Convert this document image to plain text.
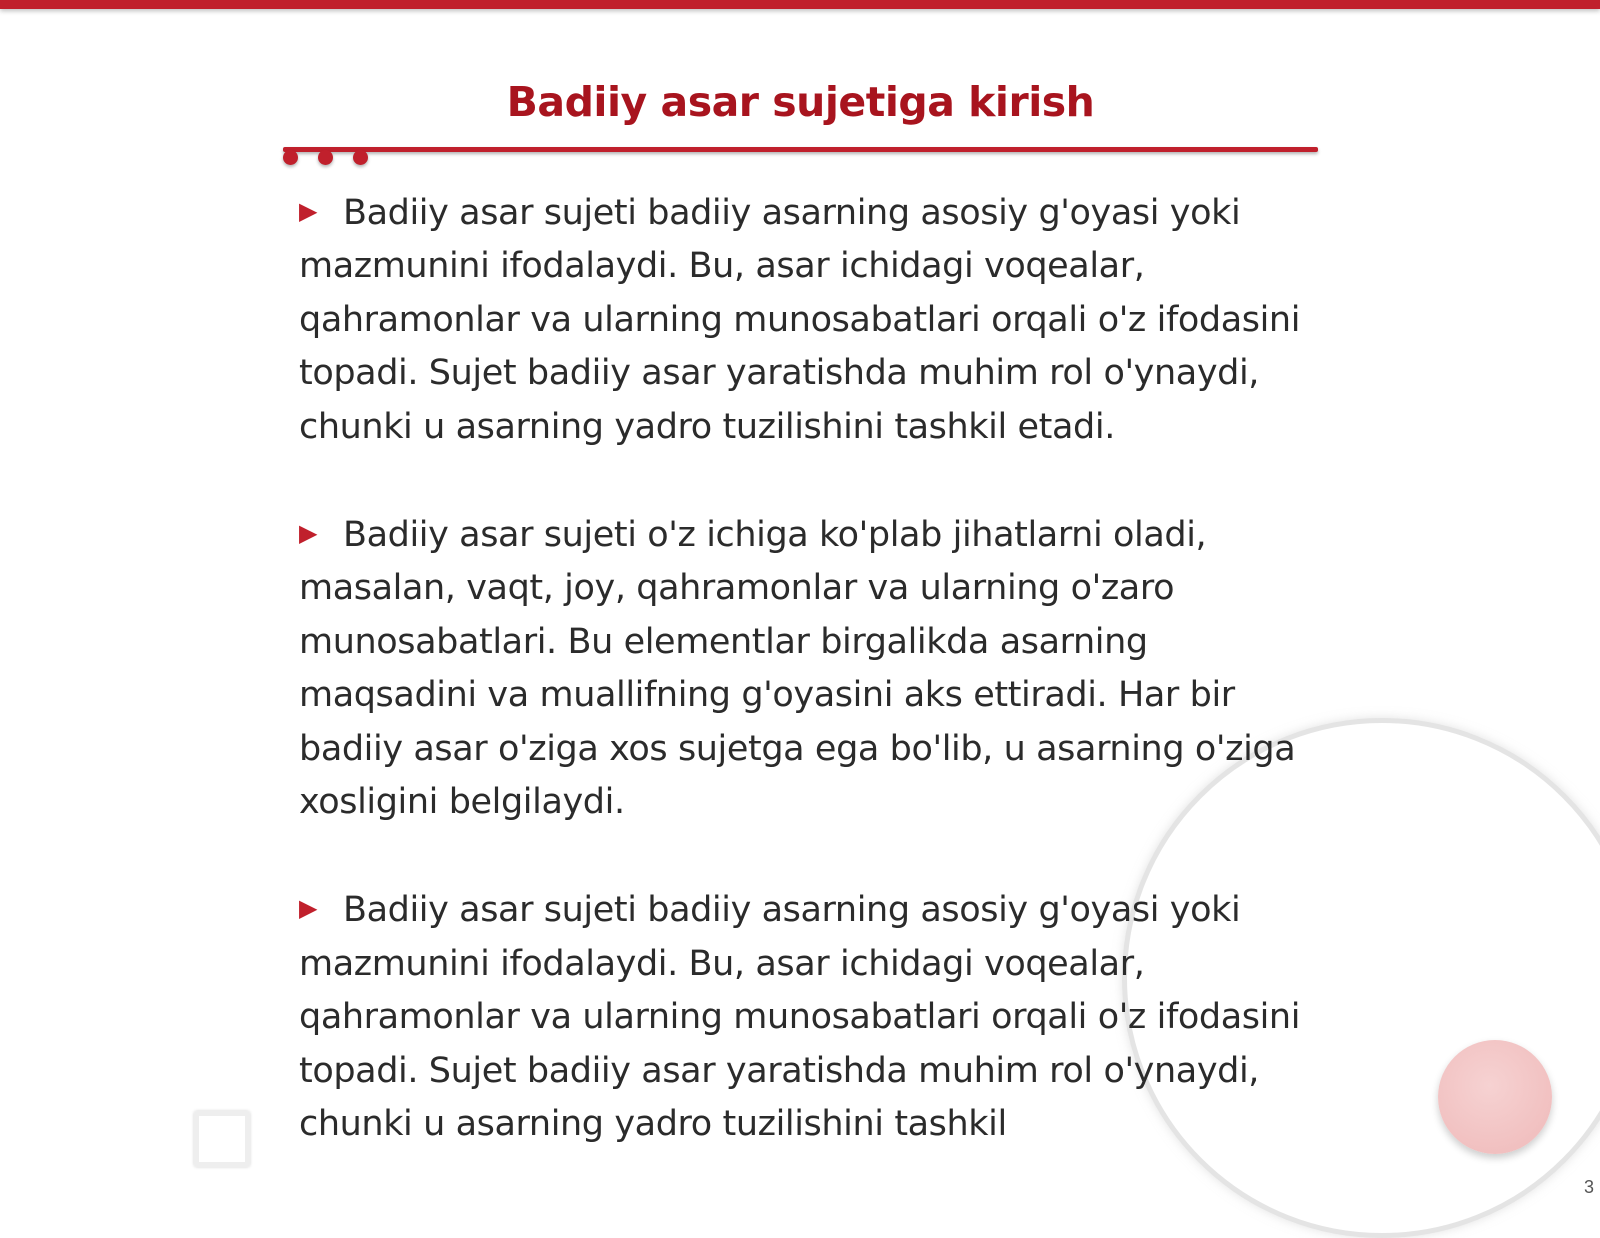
Badiiy asar sujetiga kirish

▶ Badiiy asar sujeti badiiy asarning asosiy g'oyasi yoki mazmunini ifodalaydi. Bu, asar ichidagi voqealar, qahramonlar va ularning munosabatlari orqali o'z ifodasini topadi. Sujet badiiy asar yaratishda muhim rol o'ynaydi, chunki u asarning yadro tuzilishini tashkil etadi.

▶ Badiiy asar sujeti o'z ichiga ko'plab jihatlarni oladi, masalan, vaqt, joy, qahramonlar va ularning o'zaro munosabatlari. Bu elementlar birgalikda asarning maqsadini va muallifning g'oyasini aks ettiradi. Har bir badiiy asar o'ziga xos sujetga ega bo'lib, u asarning o'ziga xosligini belgilaydi.

▶ Badiiy asar sujeti badiiy asarning asosiy g'oyasi yoki mazmunini ifodalaydi. Bu, asar ichidagi voqealar, qahramonlar va ularning munosabatlari orqali o'z ifodasini topadi. Sujet badiiy asar yaratishda muhim rol o'ynaydi, chunki u asarning yadro tuzilishini tashkil

3
